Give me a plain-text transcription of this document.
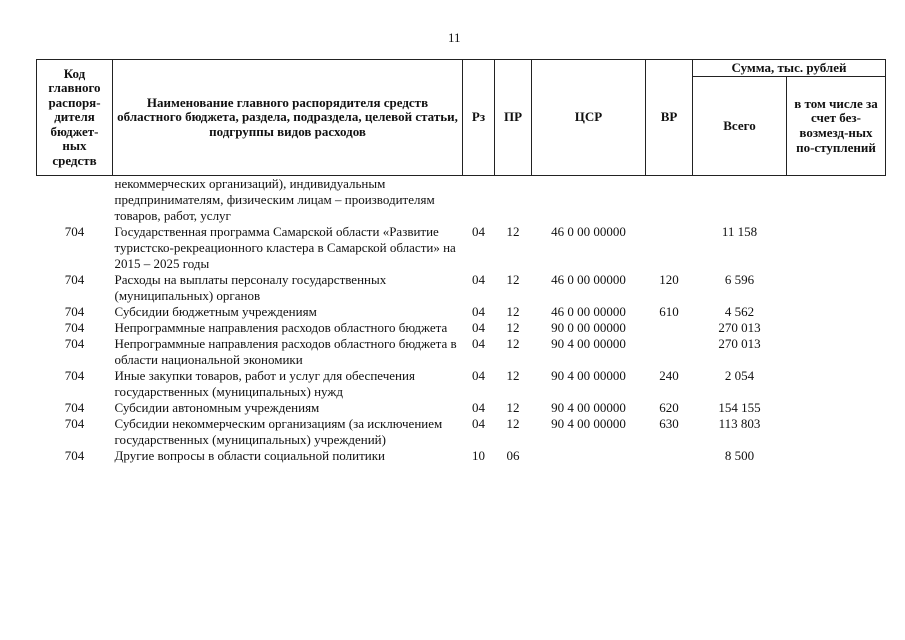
11
Код главного распоря-дителя бюджет-ных средств	Наименование главного распорядителя средств областного бюджета, раздела, подраздела, целевой статьи, подгруппы видов расходов	Рз	ПР	ЦСР	ВР	Сумма, тыс. рублей	
						Всего	в том числе за счет без-возмезд-ных по-ступлений
	некоммерческих организаций), индивидуальным предпринимателям, физическим лицам – производителям товаров, работ, услуг						
704	Государственная программа Самарской области «Развитие туристско-рекреационного кластера в Самарской области» на 2015 – 2025 годы	04	12	46 0 00 00000		11 158	
704	Расходы на выплаты персоналу государственных (муниципальных) органов	04	12	46 0 00 00000	120	6 596	
704	Субсидии бюджетным учреждениям	04	12	46 0 00 00000	610	4 562	
704	Непрограммные направления расходов областного бюджета	04	12	90 0 00 00000		270 013	
704	Непрограммные направления расходов областного бюджета в области национальной экономики	04	12	90 4 00 00000		270 013	
704	Иные закупки товаров, работ и услуг для обеспечения государственных (муниципальных) нужд	04	12	90 4 00 00000	240	2 054	
704	Субсидии автономным учреждениям	04	12	90 4 00 00000	620	154 155	
704	Субсидии некоммерческим организациям (за исключением государственных (муниципальных) учреждений)	04	12	90 4 00 00000	630	113 803	
704	Другие вопросы в области социальной политики	10	06			8 500	
